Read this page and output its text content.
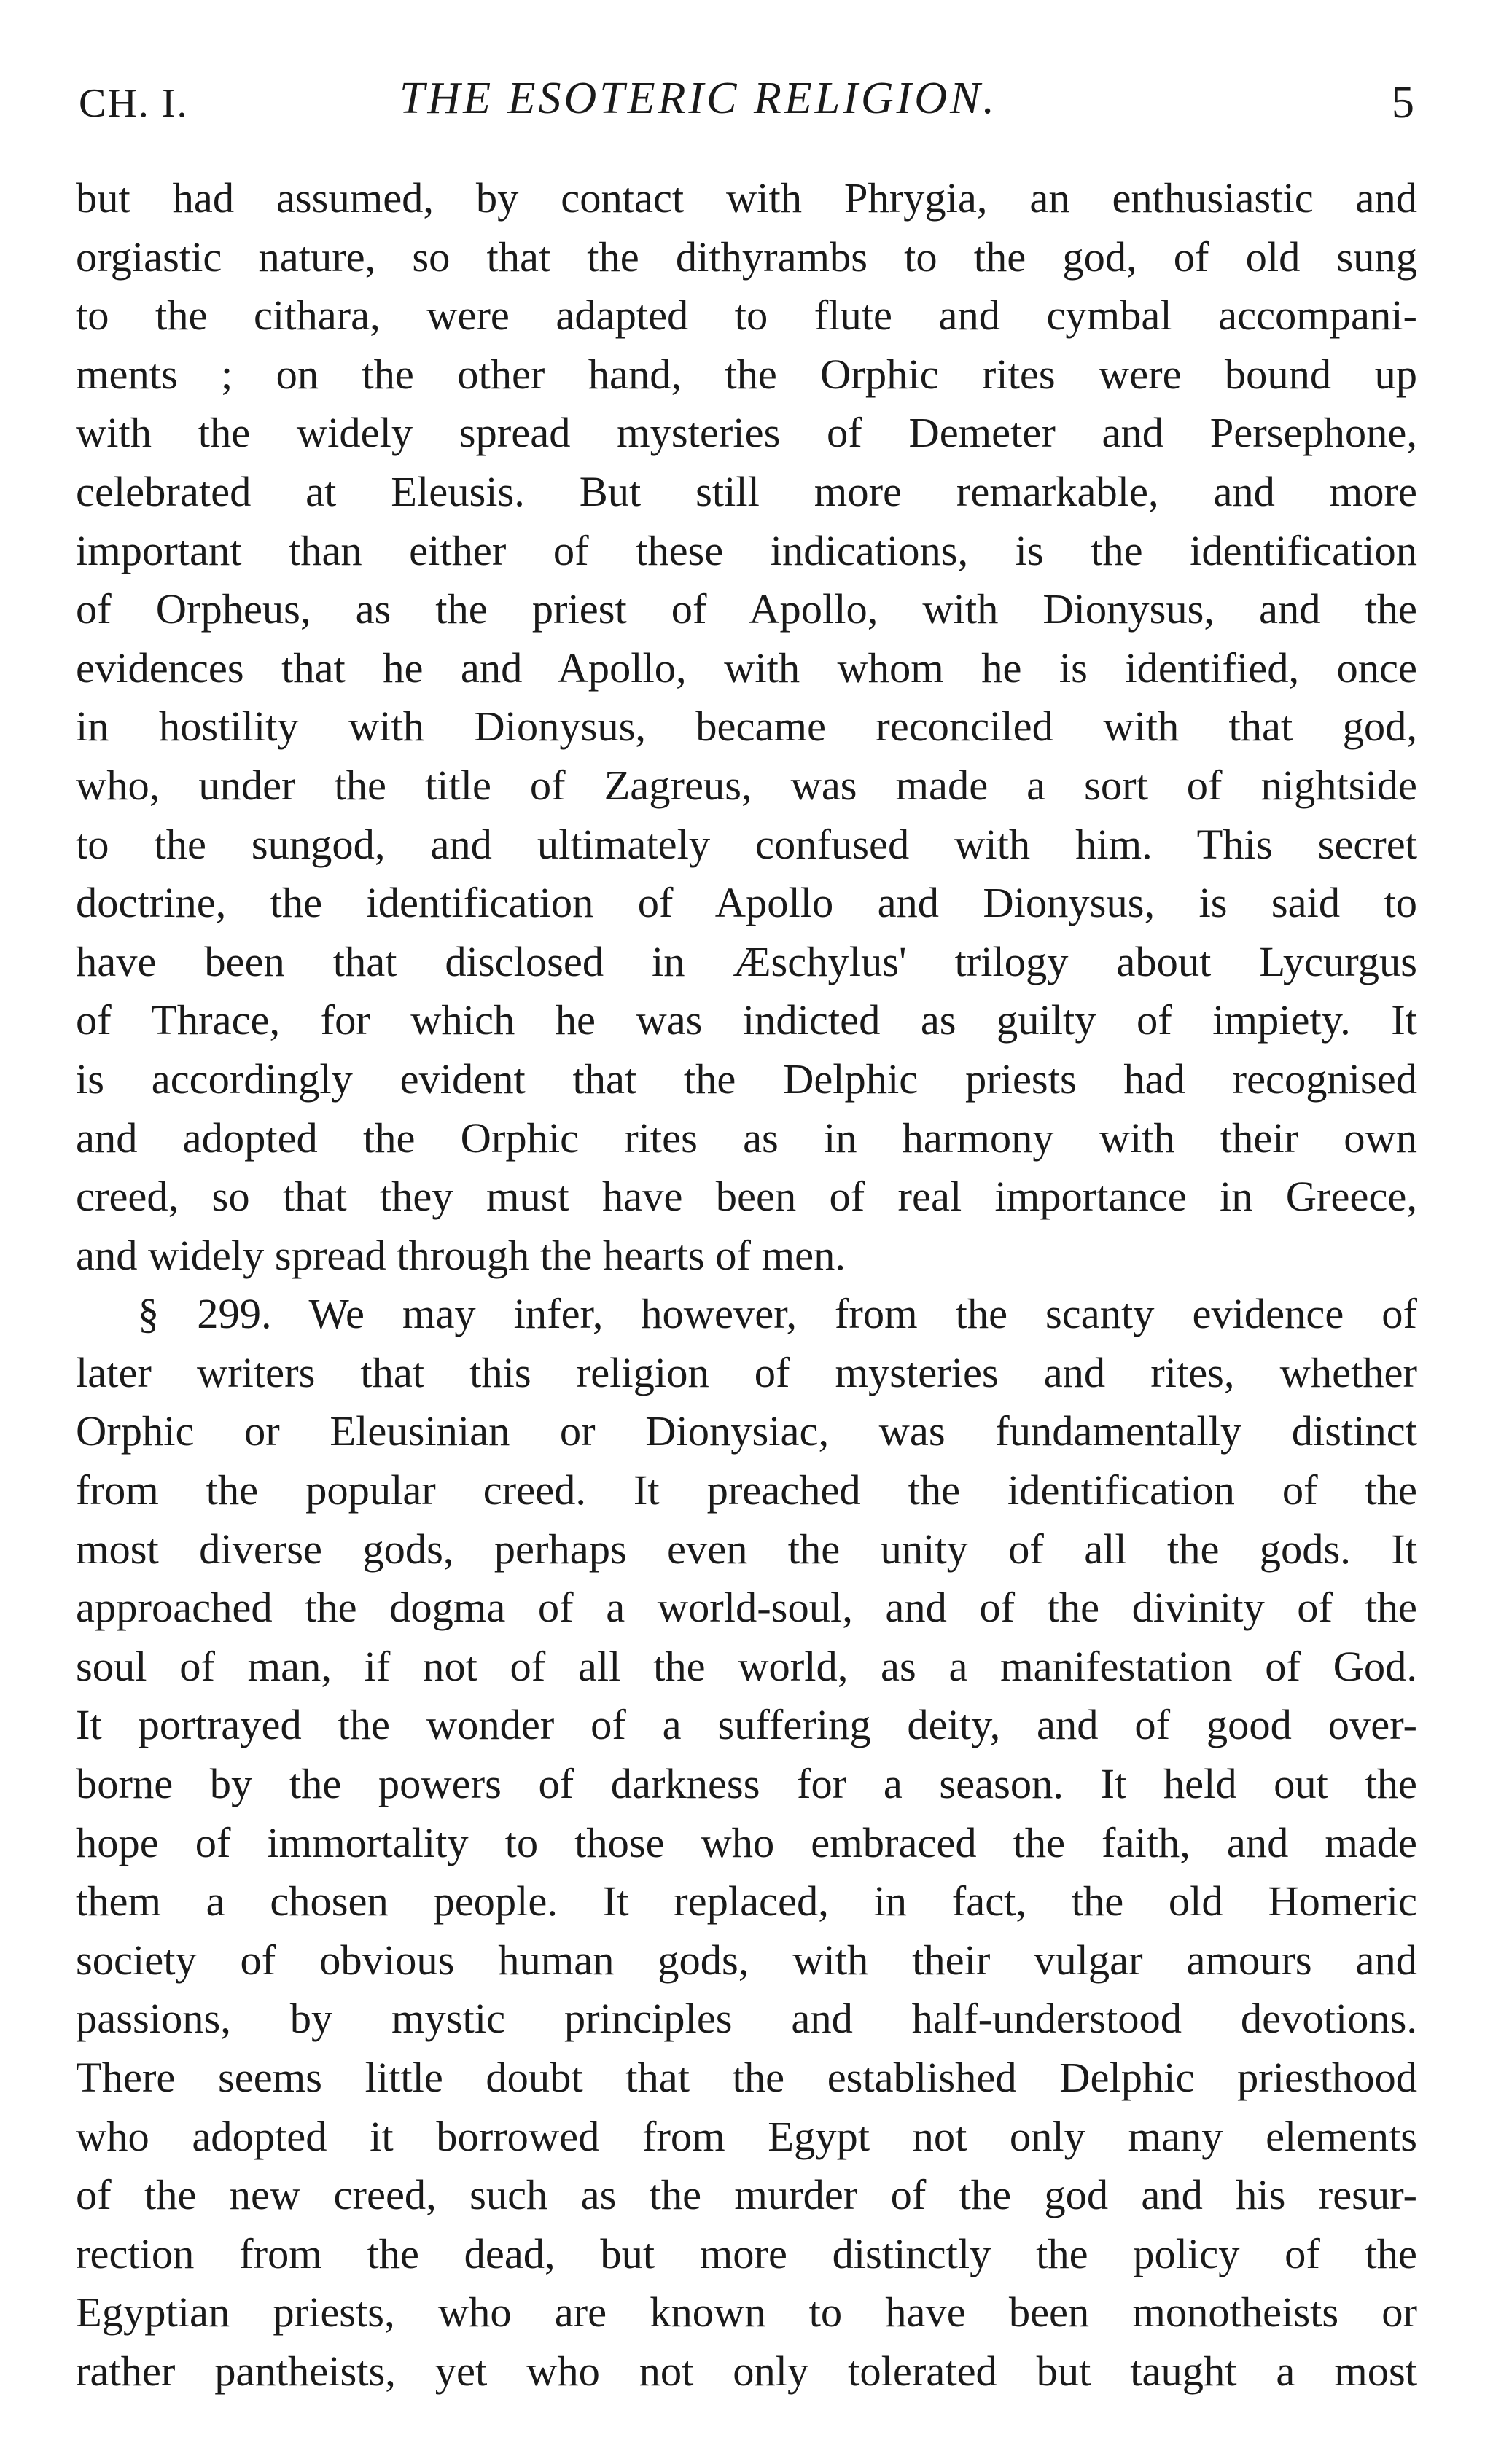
CH. I.	THE ESOTERIC RELIGION.	5
but had assumed, by contact with Phrygia, an enthusiastic and
orgiastic nature, so that the dithyrambs to the god, of old sung
to the cithara, were adapted to flute and cymbal accompani-
ments ; on the other hand, the Orphic rites were bound up
with the widely spread mysteries of Demeter and Persephone,
celebrated at Eleusis. But still more remarkable, and more
important than either of these indications, is the identification
of Orpheus, as the priest of Apollo, with Dionysus, and the
evidences that he and Apollo, with whom he is identified, once
in hostility with Dionysus, became reconciled with that god,
who, under the title of Zagreus, was made a sort of nightside
to the sungod, and ultimately confused with him. This secret
doctrine, the identification of Apollo and Dionysus, is said to
have been that disclosed in Æschylus' trilogy about Lycurgus
of Thrace, for which he was indicted as guilty of impiety. It
is accordingly evident that the Delphic priests had recognised
and adopted the Orphic rites as in harmony with their own
creed, so that they must have been of real importance in Greece,
and widely spread through the hearts of men.
§ 299. We may infer, however, from the scanty evidence of
later writers that this religion of mysteries and rites, whether
Orphic or Eleusinian or Dionysiac, was fundamentally distinct
from the popular creed. It preached the identification of the
most diverse gods, perhaps even the unity of all the gods. It
approached the dogma of a world-soul, and of the divinity of the
soul of man, if not of all the world, as a manifestation of God.
It portrayed the wonder of a suffering deity, and of good over-
borne by the powers of darkness for a season. It held out the
hope of immortality to those who embraced the faith, and made
them a chosen people. It replaced, in fact, the old Homeric
society of obvious human gods, with their vulgar amours and
passions, by mystic principles and half-understood devotions.
There seems little doubt that the established Delphic priesthood
who adopted it borrowed from Egypt not only many elements
of the new creed, such as the murder of the god and his resur-
rection from the dead, but more distinctly the policy of the
Egyptian priests, who are known to have been monotheists or
rather pantheists, yet who not only tolerated but taught a most
